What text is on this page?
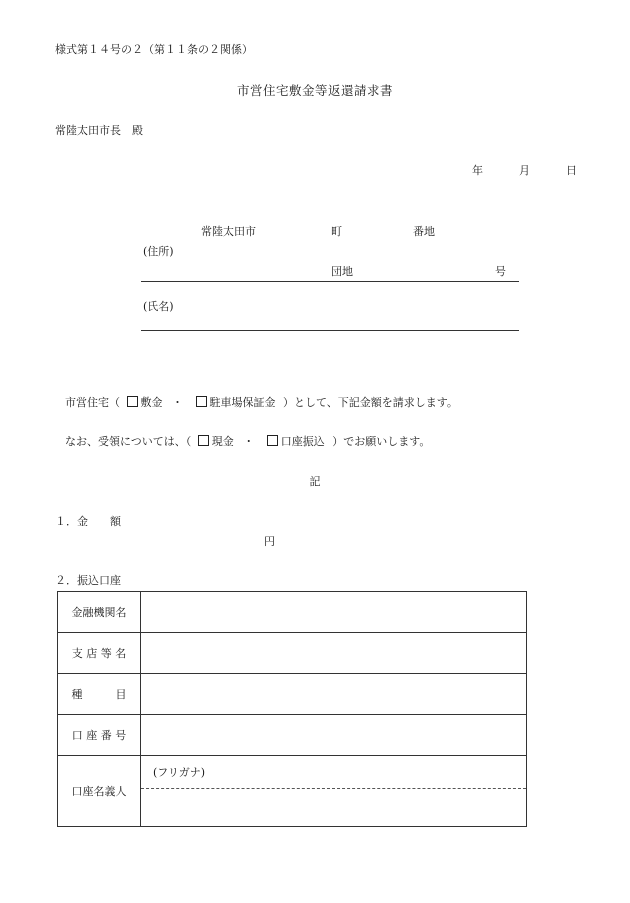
様式第１４号の２（第１１条の２関係）
市営住宅敷金等返還請求書
常陸太田市長　殿
年	月	日
常陸太田市	町	番地
(住所)
団地	号
(氏名)
市営住宅（ 敷金 ・ 駐車場保証金 ）として、下記金額を請求します。
なお、受領については、（ 現金 ・ 口座振込 ）でお願いします。
記
１．金　　額
円
２．振込口座
金融機関名	
支 店 等 名	
種　　　目	
口 座 番 号	
口座名義人	(フリガナ)
